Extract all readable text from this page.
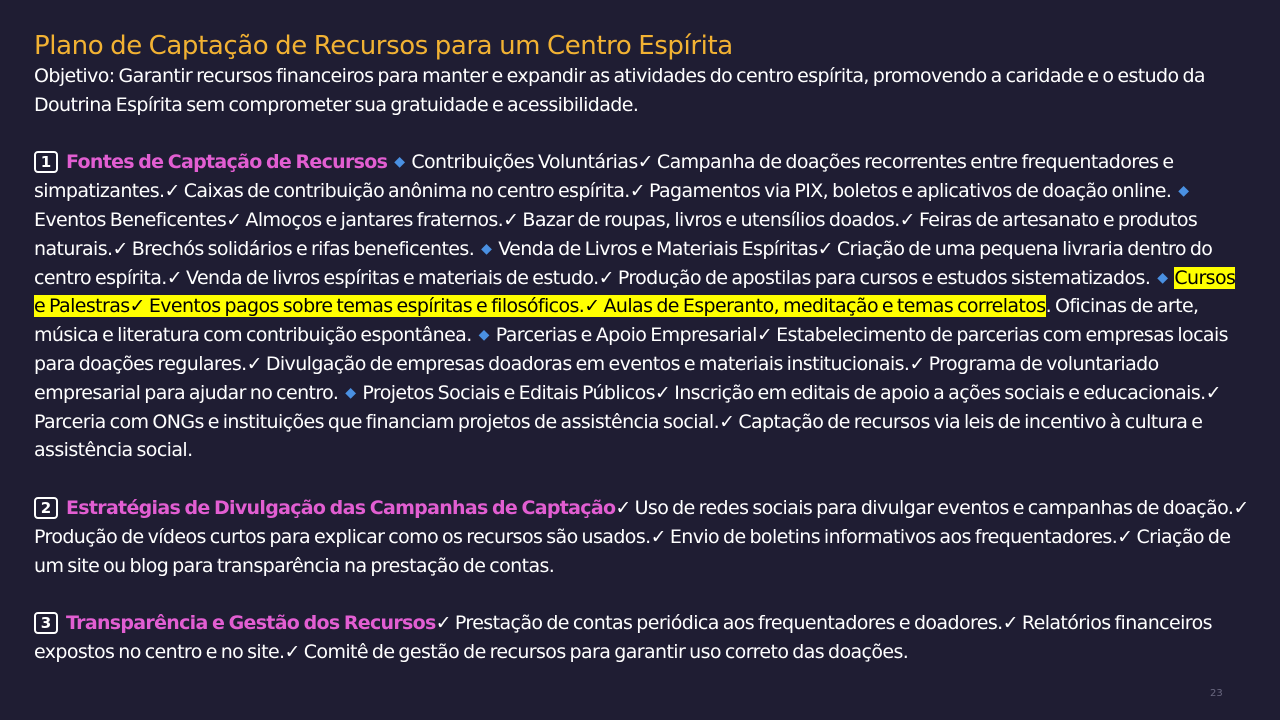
Plano de Captação de Recursos para um Centro Espírita

Objetivo: Garantir recursos financeiros para manter e expandir as atividades do centro espírita, promovendo a caridade e o estudo da Doutrina Espírita sem comprometer sua gratuidade e acessibilidade.

1 Fontes de Captação de Recursos ◆ Contribuições Voluntárias✓ Campanha de doações recorrentes entre frequentadores e simpatizantes.✓ Caixas de contribuição anônima no centro espírita.✓ Pagamentos via PIX, boletos e aplicativos de doação online. ◆ Eventos Beneficentes✓ Almoços e jantares fraternos.✓ Bazar de roupas, livros e utensílios doados.✓ Feiras de artesanato e produtos naturais.✓ Brechós solidários e rifas beneficentes. ◆ Venda de Livros e Materiais Espíritas✓ Criação de uma pequena livraria dentro do centro espírita.✓ Venda de livros espíritas e materiais de estudo.✓ Produção de apostilas para cursos e estudos sistematizados. ◆ Cursos e Palestras✓ Eventos pagos sobre temas espíritas e filosóficos.✓ Aulas de Esperanto, meditação e temas correlatos. Oficinas de arte, música e literatura com contribuição espontânea. ◆ Parcerias e Apoio Empresarial✓ Estabelecimento de parcerias com empresas locais para doações regulares.✓ Divulgação de empresas doadoras em eventos e materiais institucionais.✓ Programa de voluntariado empresarial para ajudar no centro. ◆ Projetos Sociais e Editais Públicos✓ Inscrição em editais de apoio a ações sociais e educacionais.✓ Parceria com ONGs e instituições que financiam projetos de assistência social.✓ Captação de recursos via leis de incentivo à cultura e assistência social.

2 Estratégias de Divulgação das Campanhas de Captação✓ Uso de redes sociais para divulgar eventos e campanhas de doação.✓ Produção de vídeos curtos para explicar como os recursos são usados.✓ Envio de boletins informativos aos frequentadores.✓ Criação de um site ou blog para transparência na prestação de contas.

3 Transparência e Gestão dos Recursos✓ Prestação de contas periódica aos frequentadores e doadores.✓ Relatórios financeiros expostos no centro e no site.✓ Comitê de gestão de recursos para garantir uso correto das doações.

23
